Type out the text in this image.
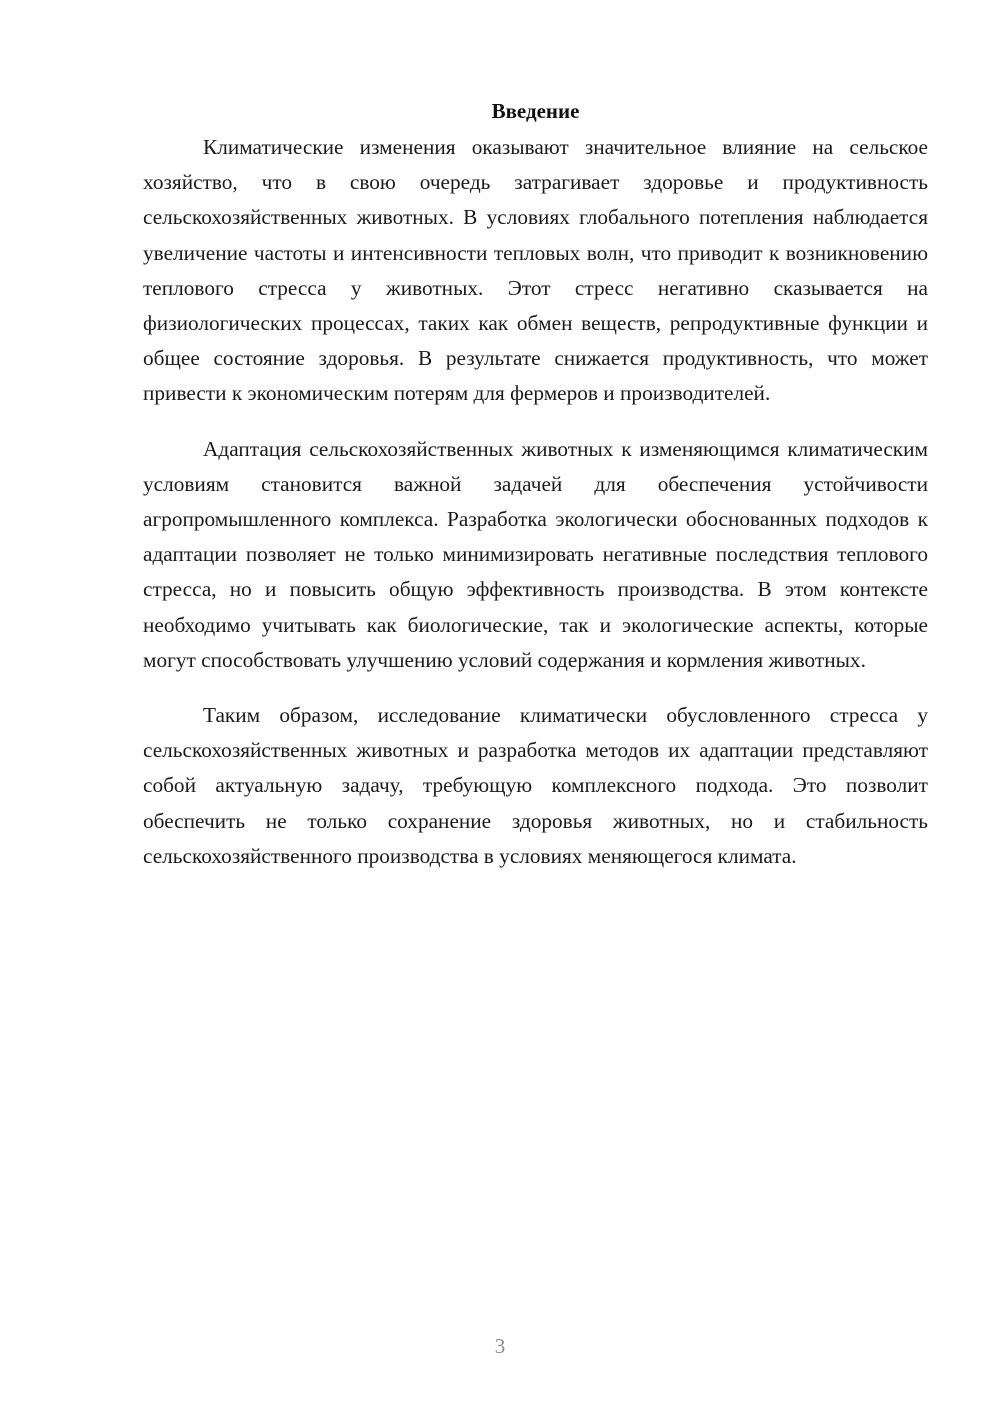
Введение

Климатические изменения оказывают значительное влияние на сельское хозяйство, что в свою очередь затрагивает здоровье и продуктивность сельскохозяйственных животных. В условиях глобального потепления наблюдается увеличение частоты и интенсивности тепловых волн, что приводит к возникновению теплового стресса у животных. Этот стресс негативно сказывается на физиологических процессах, таких как обмен веществ, репродуктивные функции и общее состояние здоровья. В результате снижается продуктивность, что может привести к экономическим потерям для фермеров и производителей.

Адаптация сельскохозяйственных животных к изменяющимся климатическим условиям становится важной задачей для обеспечения устойчивости агропромышленного комплекса. Разработка экологически обоснованных подходов к адаптации позволяет не только минимизировать негативные последствия теплового стресса, но и повысить общую эффективность производства. В этом контексте необходимо учитывать как биологические, так и экологические аспекты, которые могут способствовать улучшению условий содержания и кормления животных.

Таким образом, исследование климатически обусловленного стресса у сельскохозяйственных животных и разработка методов их адаптации представляют собой актуальную задачу, требующую комплексного подхода. Это позволит обеспечить не только сохранение здоровья животных, но и стабильность сельскохозяйственного производства в условиях меняющегося климата.

3
